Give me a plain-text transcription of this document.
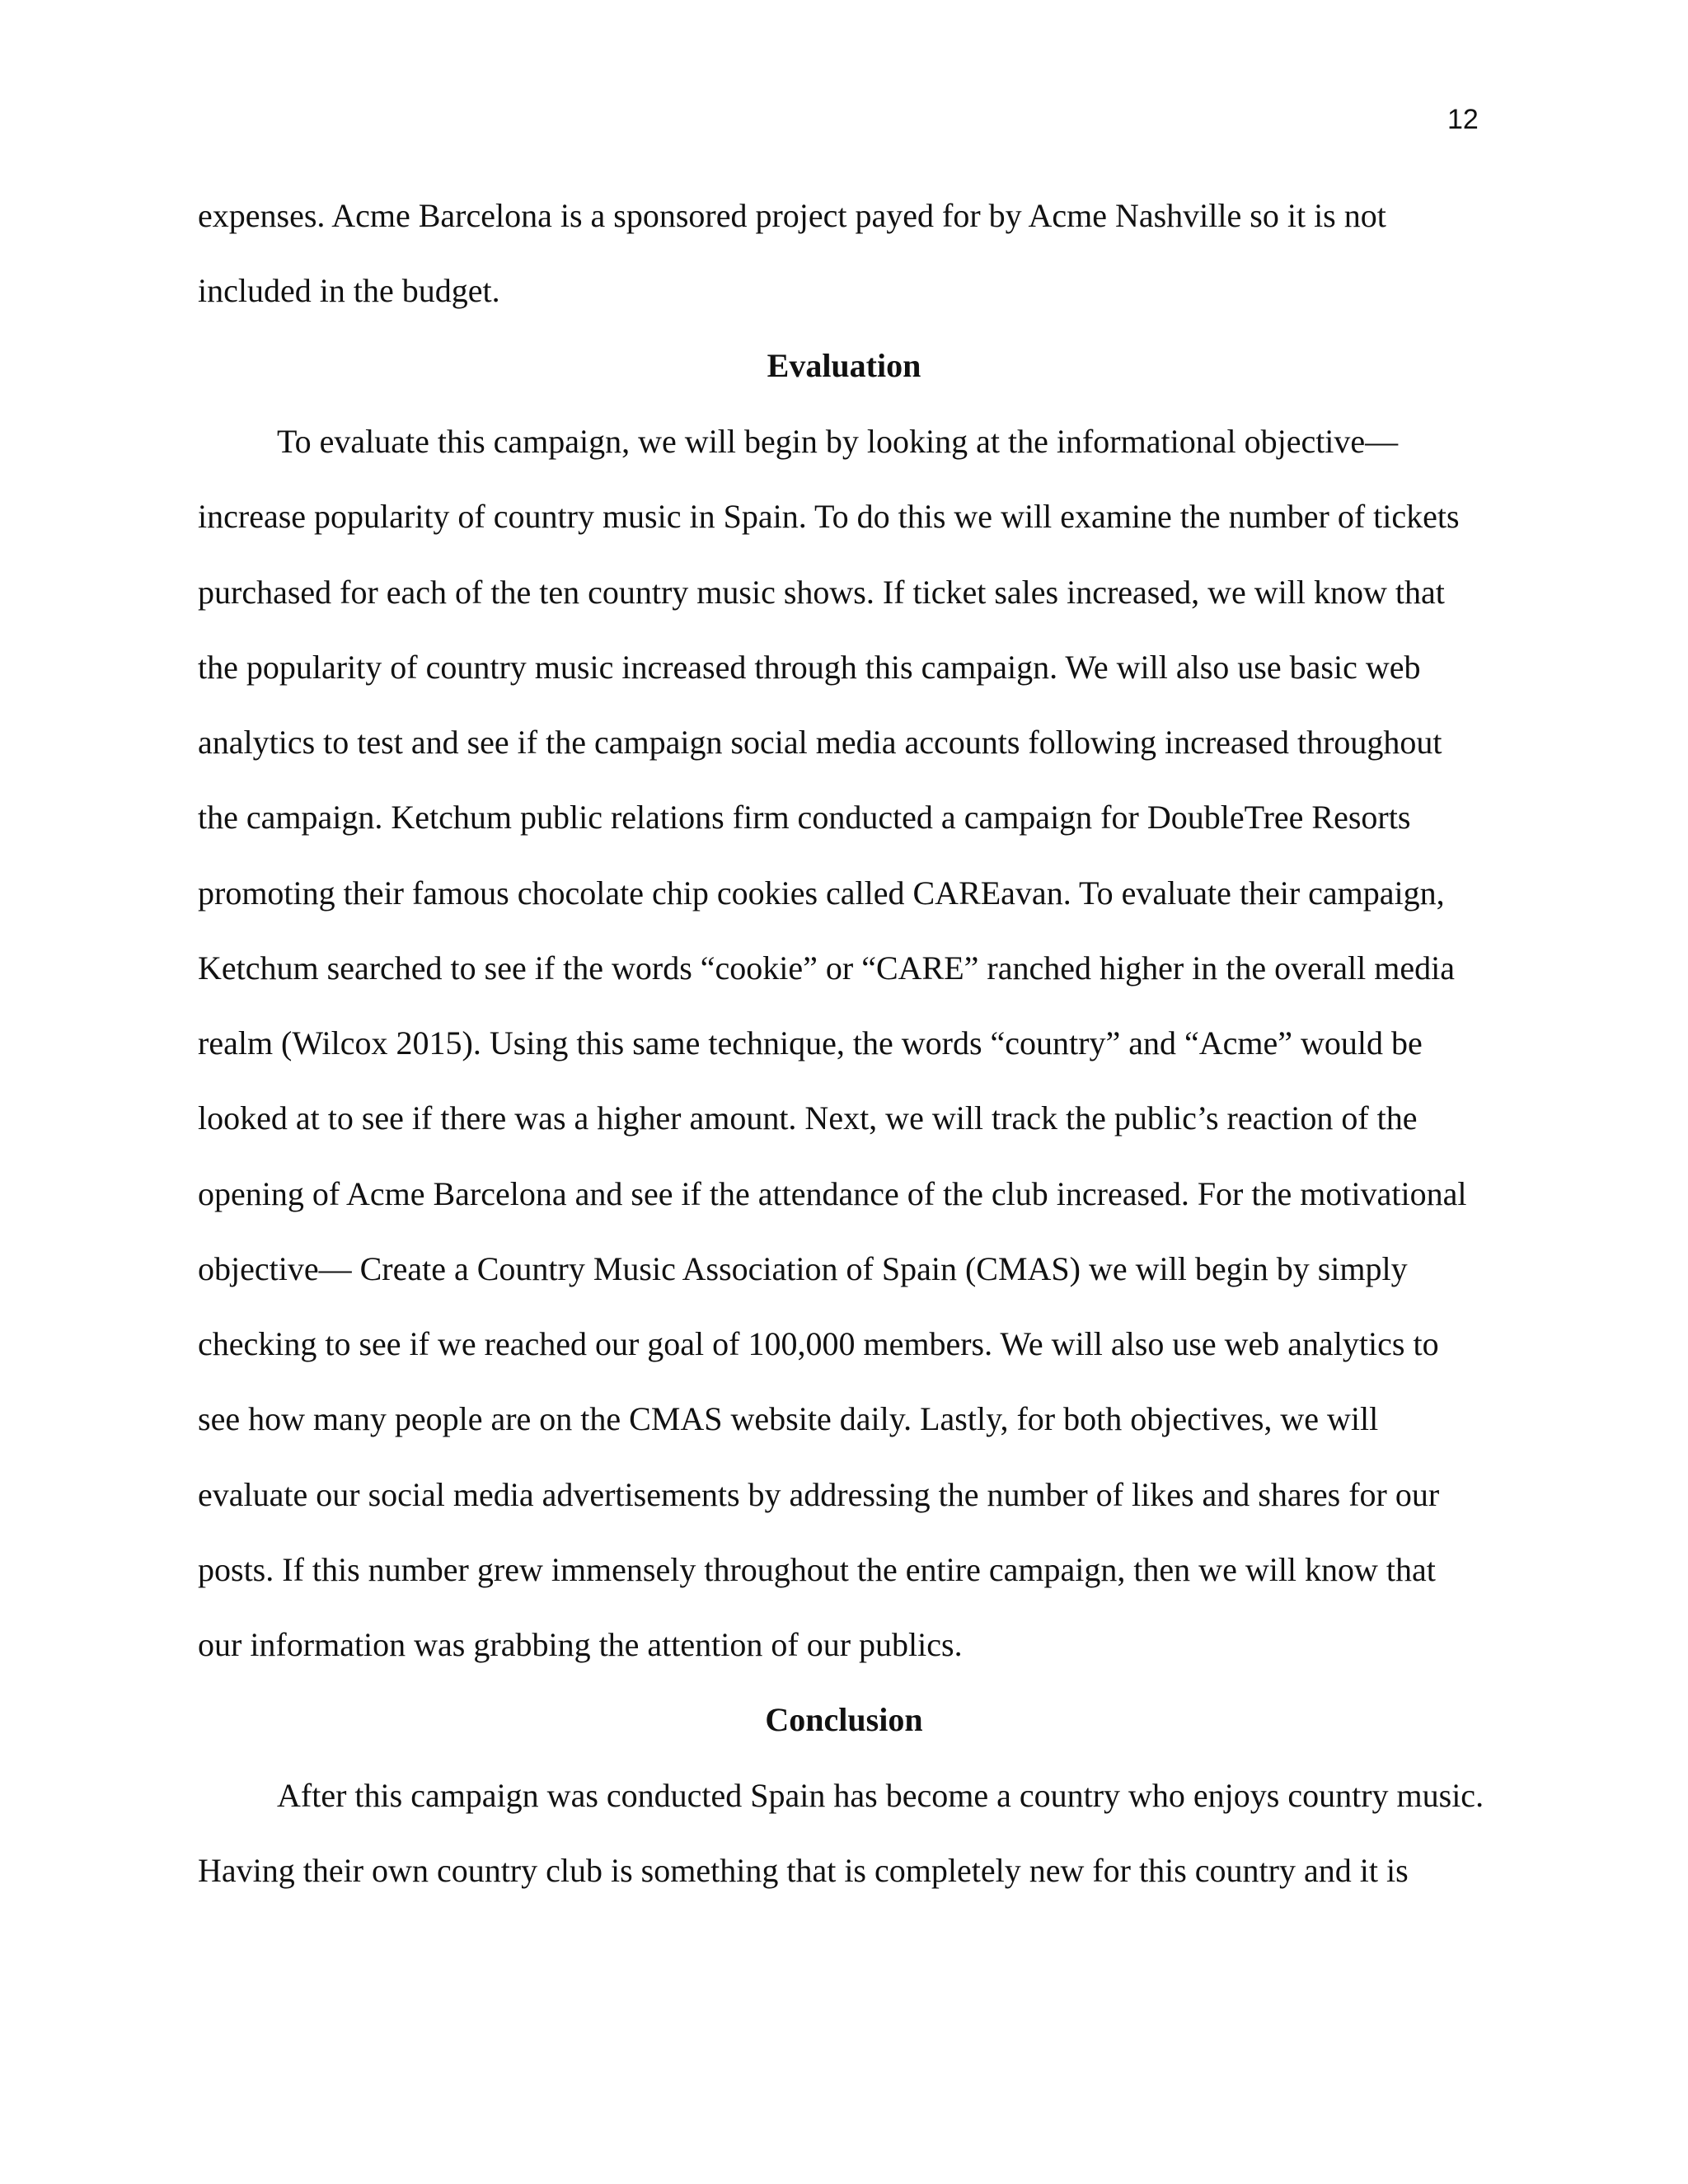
12
expenses. Acme Barcelona is a sponsored project payed for by Acme Nashville so it is not
included in the budget.
Evaluation
To evaluate this campaign, we will begin by looking at the informational objective—
increase popularity of country music in Spain. To do this we will examine the number of tickets
purchased for each of the ten country music shows. If ticket sales increased, we will know that
the popularity of country music increased through this campaign. We will also use basic web
analytics to test and see if the campaign social media accounts following increased throughout
the campaign. Ketchum public relations firm conducted a campaign for DoubleTree Resorts
promoting their famous chocolate chip cookies called CAREavan. To evaluate their campaign,
Ketchum searched to see if the words “cookie” or “CARE” ranched higher in the overall media
realm (Wilcox 2015). Using this same technique, the words “country” and “Acme” would be
looked at to see if there was a higher amount. Next, we will track the public’s reaction of the
opening of Acme Barcelona and see if the attendance of the club increased. For the motivational
objective— Create a Country Music Association of Spain (CMAS) we will begin by simply
checking to see if we reached our goal of 100,000 members. We will also use web analytics to
see how many people are on the CMAS website daily. Lastly, for both objectives, we will
evaluate our social media advertisements by addressing the number of likes and shares for our
posts. If this number grew immensely throughout the entire campaign, then we will know that
our information was grabbing the attention of our publics.
Conclusion
After this campaign was conducted Spain has become a country who enjoys country music.
Having their own country club is something that is completely new for this country and it is
